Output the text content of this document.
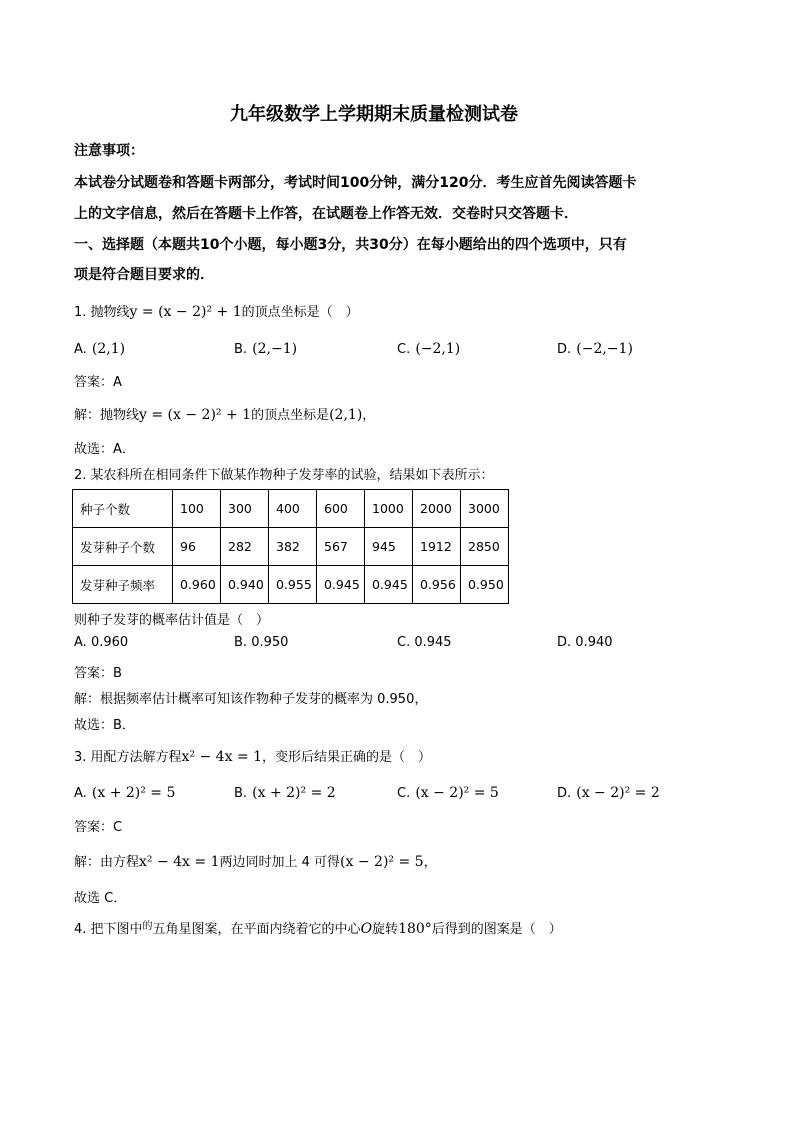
九年级数学上学期期末质量检测试卷
注意事项：
本试卷分试题卷和答题卡两部分，考试时间100分钟，满分120分．考生应首先阅读答题卡
上的文字信息，然后在答题卡上作答，在试题卷上作答无效．交卷时只交答题卡．
一、选择题（本题共10个小题，每小题3分，共30分）在每小题给出的四个选项中，只有
项是符合题目要求的．
1. 抛物线y = (x − 2)² + 1的顶点坐标是（　）
A. (2,1)	B. (2,−1)	C. (−2,1)	D. (−2,−1)
答案：A
解：抛物线y = (x − 2)² + 1的顶点坐标是(2,1)，
故选：A．
2. 某农科所在相同条件下做某作物种子发芽率的试验，结果如下表所示：
种子个数	100	300	400	600	1000	2000	3000
发芽种子个数	96	282	382	567	945	1912	2850
发芽种子频率	0.960	0.940	0.955	0.945	0.945	0.956	0.950
则种子发芽的概率估计值是（　）
A. 0.960	B. 0.950	C. 0.945	D. 0.940
答案：B
解：根据频率估计概率可知该作物种子发芽的概率为 0.950，
故选：B．
3. 用配方法解方程x² − 4x = 1，变形后结果正确的是（　）
A. (x + 2)² = 5	B. (x + 2)² = 2	C. (x − 2)² = 5	D. (x − 2)² = 2
答案：C
解：由方程x² − 4x = 1两边同时加上 4 可得(x − 2)² = 5，
故选 C．
4. 把下图中$^的$五角星图案，在平面内绕着它的中心O旋转180°后得到的图案是（　）
